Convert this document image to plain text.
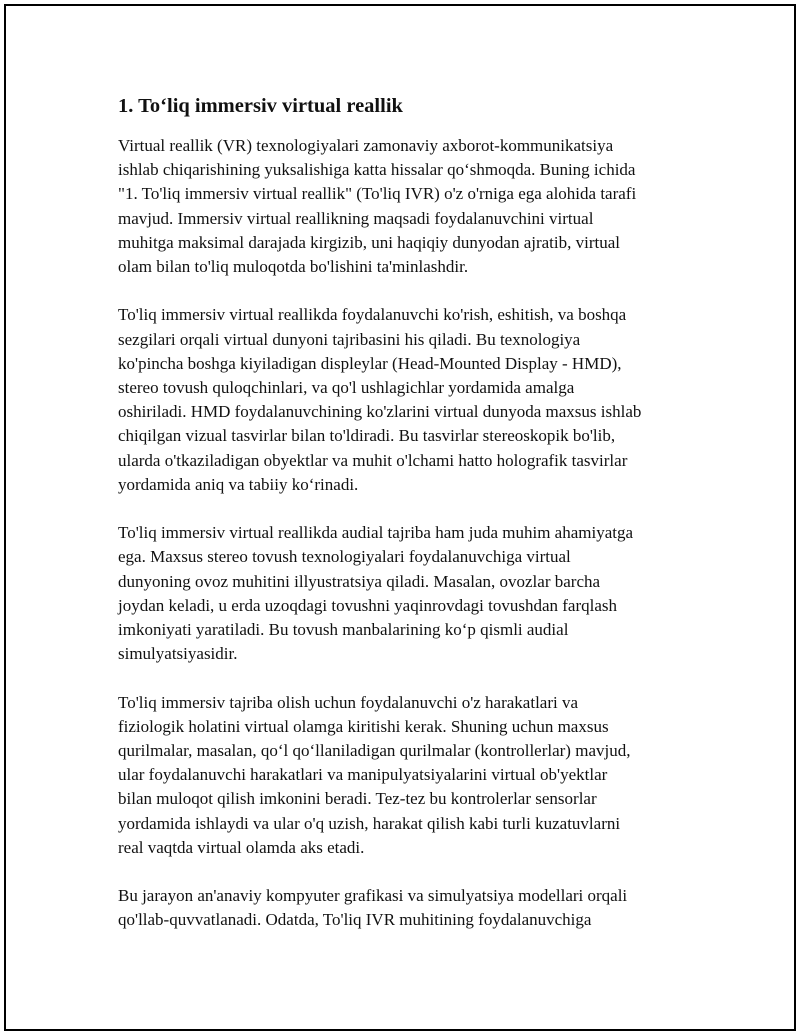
1. To‘liq immersiv virtual reallik
Virtual reallik (VR) texnologiyalari zamonaviy axborot-kommunikatsiya
ishlab chiqarishining yuksalishiga katta hissalar qo‘shmoqda. Buning ichida
"1. To'liq immersiv virtual reallik" (To'liq IVR) o'z o'rniga ega alohida tarafi
mavjud. Immersiv virtual reallikning maqsadi foydalanuvchini virtual
muhitga maksimal darajada kirgizib, uni haqiqiy dunyodan ajratib, virtual
olam bilan to'liq muloqotda bo'lishini ta'minlashdir.
To'liq immersiv virtual reallikda foydalanuvchi ko'rish, eshitish, va boshqa
sezgilari orqali virtual dunyoni tajribasini his qiladi. Bu texnologiya
ko'pincha boshga kiyiladigan displeylar (Head-Mounted Display - HMD),
stereo tovush quloqchinlari, va qo'l ushlagichlar yordamida amalga
oshiriladi. HMD foydalanuvchining ko'zlarini virtual dunyoda maxsus ishlab
chiqilgan vizual tasvirlar bilan to'ldiradi. Bu tasvirlar stereoskopik bo'lib,
ularda o'tkaziladigan obyektlar va muhit o'lchami hatto holografik tasvirlar
yordamida aniq va tabiiy ko‘rinadi.
To'liq immersiv virtual reallikda audial tajriba ham juda muhim ahamiyatga
ega. Maxsus stereo tovush texnologiyalari foydalanuvchiga virtual
dunyoning ovoz muhitini illyustratsiya qiladi. Masalan, ovozlar barcha
joydan keladi, u erda uzoqdagi tovushni yaqinrovdagi tovushdan farqlash
imkoniyati yaratiladi. Bu tovush manbalarining ko‘p qismli audial
simulyatsiyasidir.
To'liq immersiv tajriba olish uchun foydalanuvchi o'z harakatlari va
fiziologik holatini virtual olamga kiritishi kerak. Shuning uchun maxsus
qurilmalar, masalan, qo‘l qo‘llaniladigan qurilmalar (kontrollerlar) mavjud,
ular foydalanuvchi harakatlari va manipulyatsiyalarini virtual ob'yektlar
bilan muloqot qilish imkonini beradi. Tez-tez bu kontrolerlar sensorlar
yordamida ishlaydi va ular o'q uzish, harakat qilish kabi turli kuzatuvlarni
real vaqtda virtual olamda aks etadi.
Bu jarayon an'anaviy kompyuter grafikasi va simulyatsiya modellari orqali
qo'llab-quvvatlanadi. Odatda, To'liq IVR muhitining foydalanuvchiga
